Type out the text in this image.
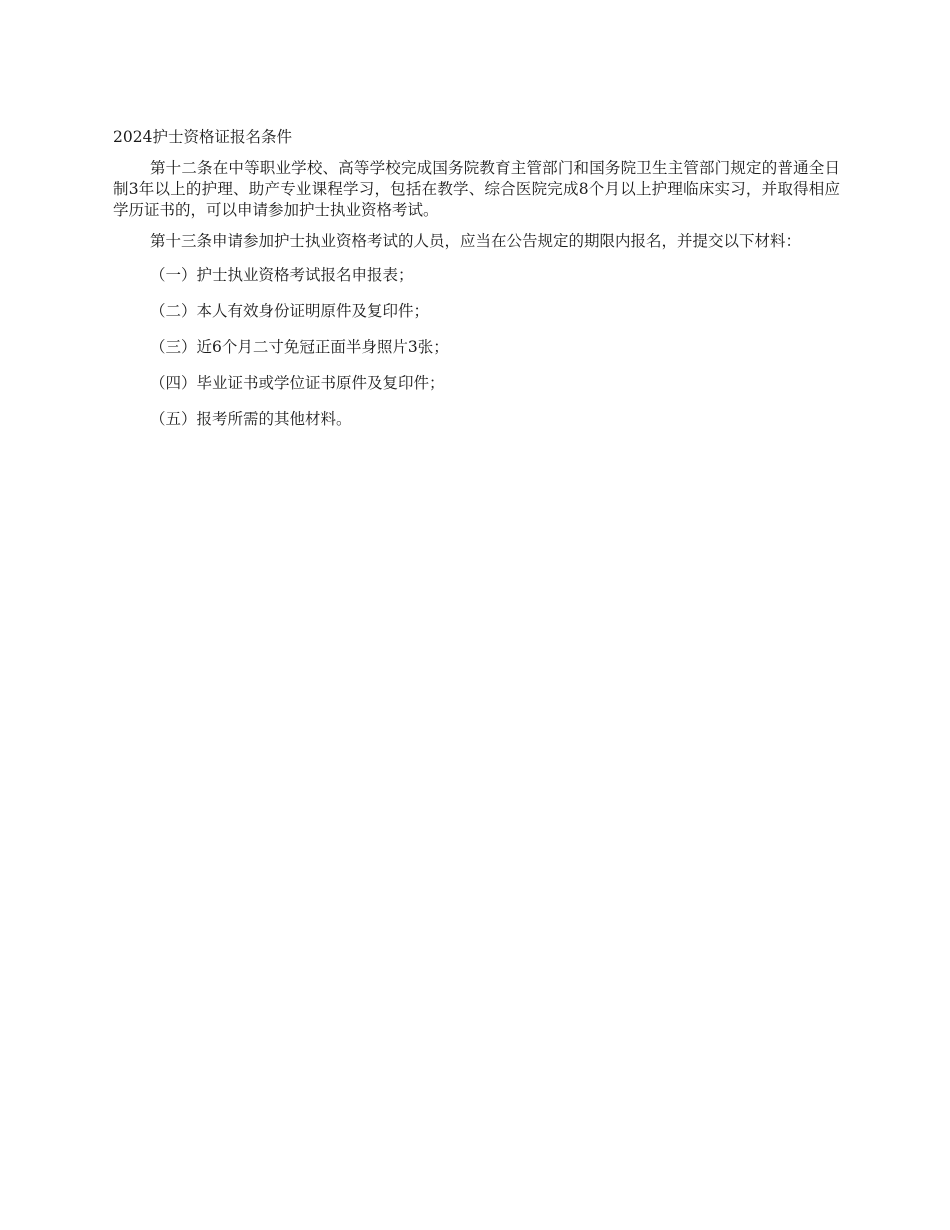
2024护士资格证报名条件

第十二条在中等职业学校、高等学校完成国务院教育主管部门和国务院卫生主管部门规定的普通全日制3年以上的护理、助产专业课程学习，包括在教学、综合医院完成8个月以上护理临床实习，并取得相应学历证书的，可以申请参加护士执业资格考试。

第十三条申请参加护士执业资格考试的人员，应当在公告规定的期限内报名，并提交以下材料：

（一）护士执业资格考试报名申报表；
（二）本人有效身份证明原件及复印件；
（三）近6个月二寸免冠正面半身照片3张；
（四）毕业证书或学位证书原件及复印件；
（五）报考所需的其他材料。
